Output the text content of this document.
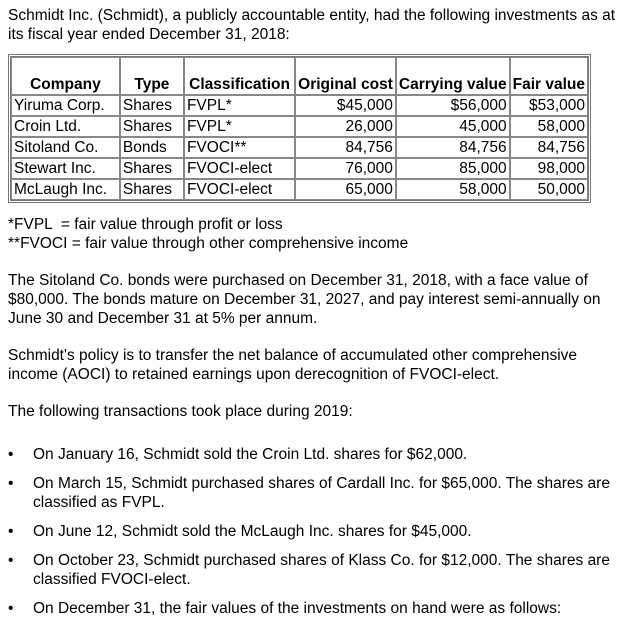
Schmidt Inc. (Schmidt), a publicly accountable entity, had the following investments as at its fiscal year ended December 31, 2018:

Company	Type	Classification	Original cost	Carrying value	Fair value
Yiruma Corp.	Shares	FVPL*	$45,000	$56,000	$53,000
Croin Ltd.	Shares	FVPL*	26,000	45,000	58,000
Sitoland Co.	Bonds	FVOCI**	84,756	84,756	84,756
Stewart Inc.	Shares	FVOCI-elect	76,000	85,000	98,000
McLaugh Inc.	Shares	FVOCI-elect	65,000	58,000	50,000

*FVPL  = fair value through profit or loss

**FVOCI = fair value through other comprehensive income

The Sitoland Co. bonds were purchased on December 31, 2018, with a face value of $80,000. The bonds mature on December 31, 2027, and pay interest semi-annually on June 30 and December 31 at 5% per annum.

Schmidt's policy is to transfer the net balance of accumulated other comprehensive income (AOCI) to retained earnings upon derecognition of FVOCI-elect.

The following transactions took place during 2019:

• On January 16, Schmidt sold the Croin Ltd. shares for $62,000.
• On March 15, Schmidt purchased shares of Cardall Inc. for $65,000. The shares are classified as FVPL.
• On June 12, Schmidt sold the McLaugh Inc. shares for $45,000.
• On October 23, Schmidt purchased shares of Klass Co. for $12,000. The shares are classified FVOCI-elect.
• On December 31, the fair values of the investments on hand were as follows:
